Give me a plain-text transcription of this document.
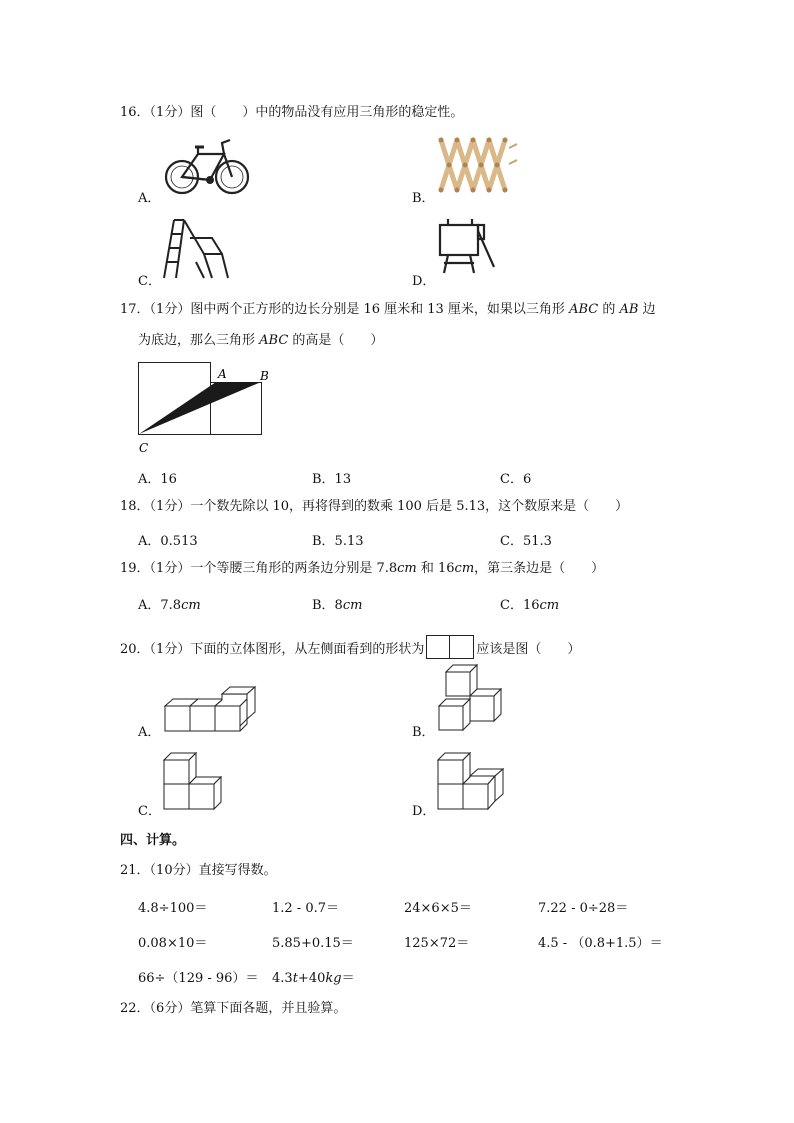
16．（1分）图（　　）中的物品没有应用三角形的稳定性。
A．	B．
C．	D．
17．（1分）图中两个正方形的边长分别是 16 厘米和 13 厘米，如果以三角形 ABC 的 AB 边
为底边，那么三角形 ABC 的高是（　　）
A	B
C
A．16	B．13	C．6
18．（1分）一个数先除以 10，再将得到的数乘 100 后是 5.13，这个数原来是（　　）
A．0.513	B．5.13	C．51.3
19．（1分）一个等腰三角形的两条边分别是 7.8cm 和 16cm，第三条边是（　　）
A．7.8cm	B．8cm	C．16cm
20．（1分）下面的立体图形，从左侧面看到的形状为	应该是图（　　）
A．	B．
C．	D．
四、计算。
21．（10分）直接写得数。
4.8÷100＝	1.2 - 0.7＝	24×6×5＝	7.22 - 0÷28＝
0.08×10＝	5.85+0.15＝	125×72＝	4.5 - （0.8+1.5）＝
66÷（129 - 96）＝ 4.3t+40kg＝
22．（6分）笔算下面各题，并且验算。
